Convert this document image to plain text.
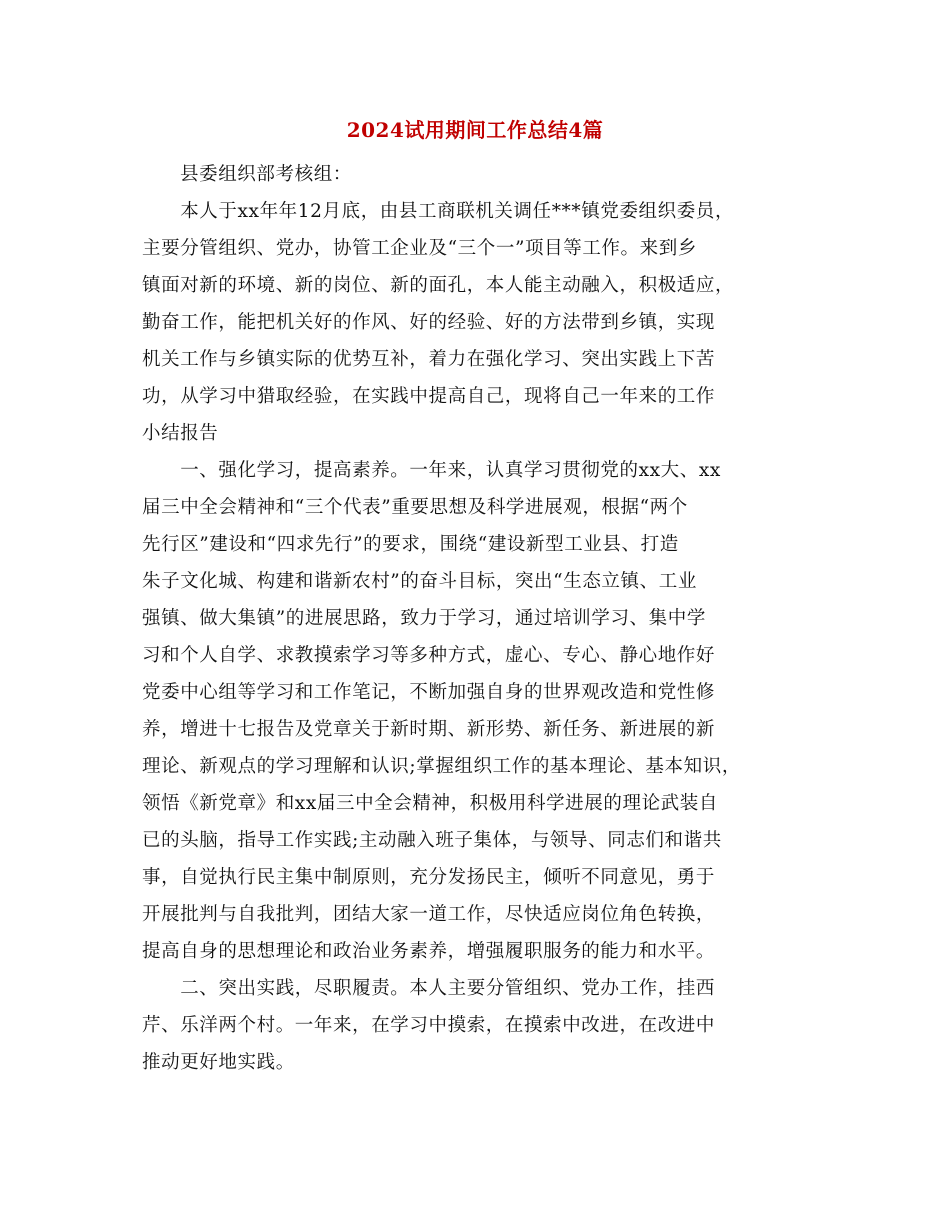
2024试用期间工作总结4篇
县委组织部考核组：
　　本人于xx年年12月底，由县工商联机关调任***镇党委组织委员，
主要分管组织、党办，协管工企业及“三个一”项目等工作。来到乡
镇面对新的环境、新的岗位、新的面孔，本人能主动融入，积极适应，
勤奋工作，能把机关好的作风、好的经验、好的方法带到乡镇，实现
机关工作与乡镇实际的优势互补，着力在强化学习、突出实践上下苦
功，从学习中猎取经验，在实践中提高自己，现将自己一年来的工作
小结报告
　　一、强化学习，提高素养。一年来，认真学习贯彻党的xx大、xx
届三中全会精神和“三个代表”重要思想及科学进展观，根据“两个
先行区”建设和“四求先行”的要求，围绕“建设新型工业县、打造
朱子文化城、构建和谐新农村”的奋斗目标，突出“生态立镇、工业
强镇、做大集镇”的进展思路，致力于学习，通过培训学习、集中学
习和个人自学、求教摸索学习等多种方式，虚心、专心、静心地作好
党委中心组等学习和工作笔记，不断加强自身的世界观改造和党性修
养，增进十七报告及党章关于新时期、新形势、新任务、新进展的新
理论、新观点的学习理解和认识;掌握组织工作的基本理论、基本知识，
领悟《新党章》和xx届三中全会精神，积极用科学进展的理论武装自
已的头脑，指导工作实践;主动融入班子集体，与领导、同志们和谐共
事，自觉执行民主集中制原则，充分发扬民主，倾听不同意见，勇于
开展批判与自我批判，团结大家一道工作，尽快适应岗位角色转换，
提高自身的思想理论和政治业务素养，增强履职服务的能力和水平。
　　二、突出实践，尽职履责。本人主要分管组织、党办工作，挂西
芹、乐洋两个村。一年来，在学习中摸索，在摸索中改进，在改进中
推动更好地实践。
